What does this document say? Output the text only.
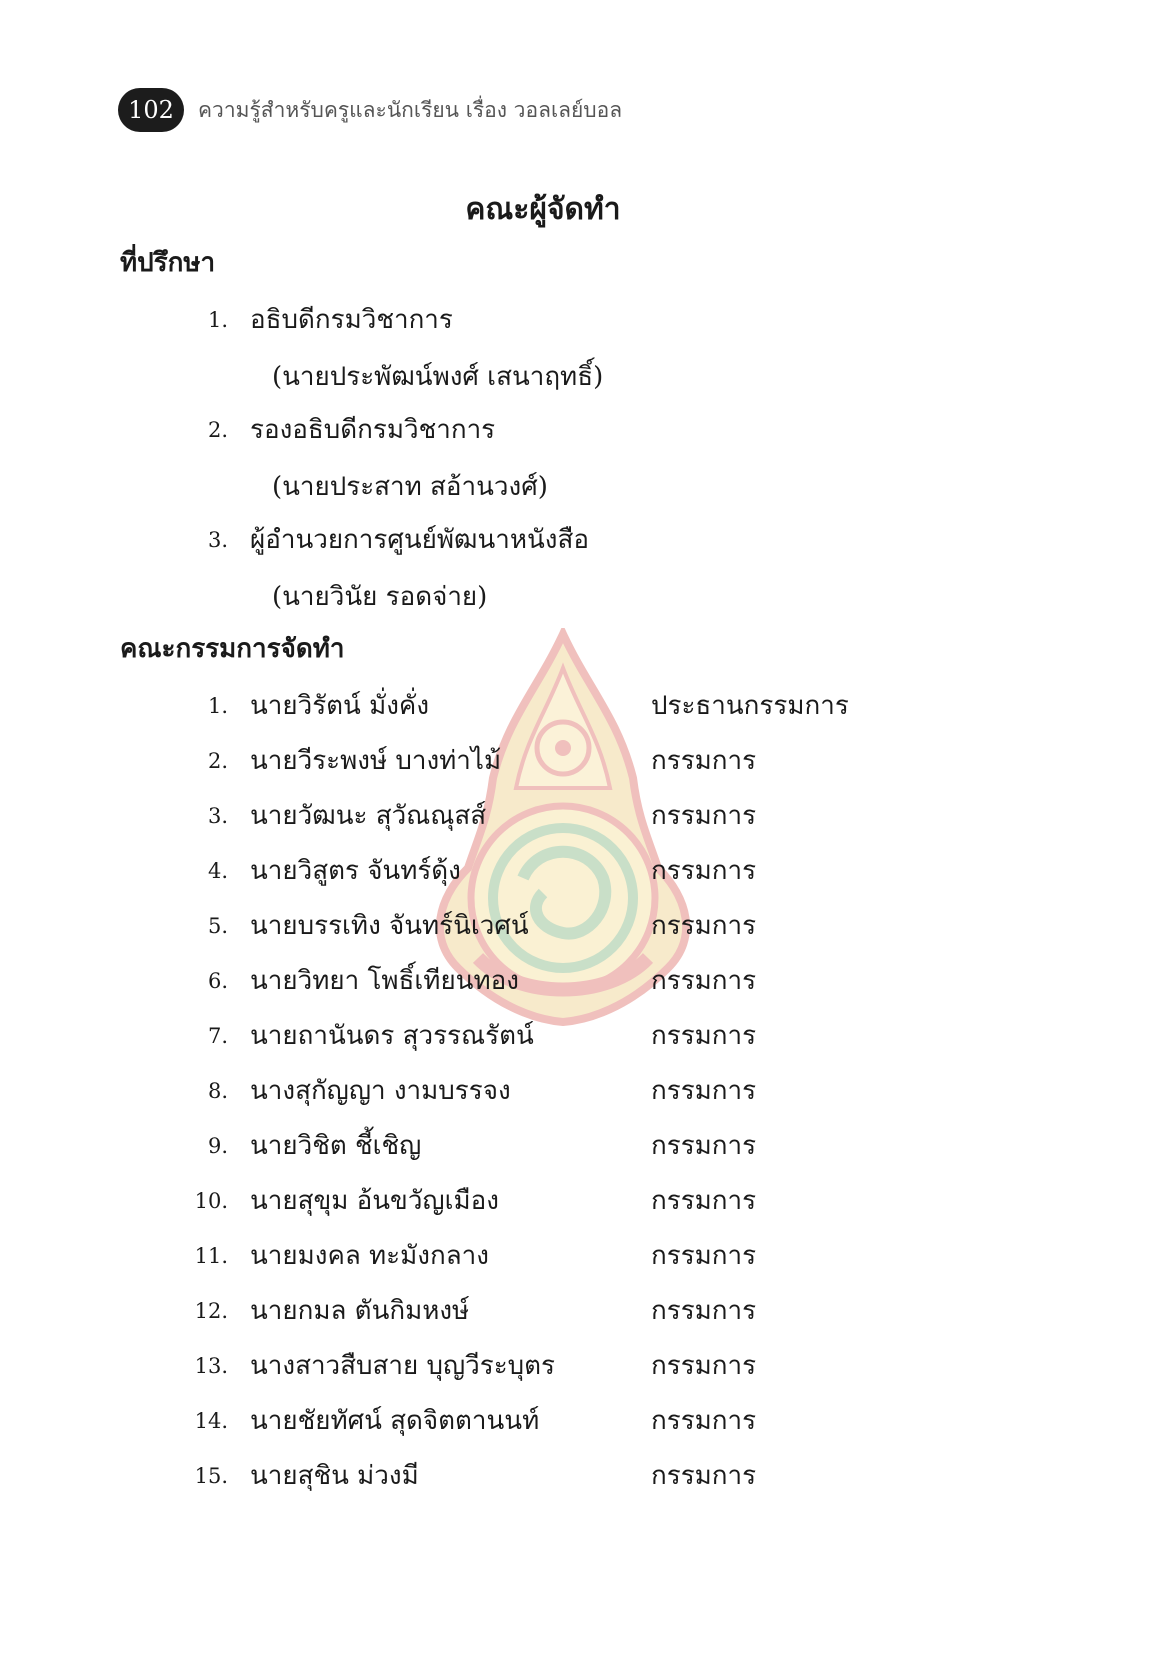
102	ความรู้สำหรับครูและนักเรียน เรื่อง วอลเลย์บอล
คณะผู้จัดทำ
ที่ปรึกษา
1. อธิบดีกรมวิชาการ
(นายประพัฒน์พงศ์ เสนาฤทธิ์)
2. รองอธิบดีกรมวิชาการ
(นายประสาท สอ้านวงศ์)
3. ผู้อำนวยการศูนย์พัฒนาหนังสือ
(นายวินัย รอดจ่าย)
คณะกรรมการจัดทำ
1. นายวิรัตน์ มั่งคั่ง	ประธานกรรมการ
2. นายวีระพงษ์ บางท่าไม้	กรรมการ
3. นายวัฒนะ สุวัณณุสส์	กรรมการ
4. นายวิสูตร จันทร์ดุ้ง	กรรมการ
5. นายบรรเทิง จันทร์นิเวศน์	กรรมการ
6. นายวิทยา โพธิ์เทียนทอง	กรรมการ
7. นายถานันดร สุวรรณรัตน์	กรรมการ
8. นางสุกัญญา งามบรรจง	กรรมการ
9. นายวิชิต ชี้เชิญ	กรรมการ
10. นายสุขุม อ้นขวัญเมือง	กรรมการ
11. นายมงคล ทะมังกลาง	กรรมการ
12. นายกมล ตันกิมหงษ์	กรรมการ
13. นางสาวสืบสาย บุญวีระบุตร	กรรมการ
14. นายชัยทัศน์ สุดจิตตานนท์	กรรมการ
15. นายสุชิน ม่วงมี	กรรมการ
